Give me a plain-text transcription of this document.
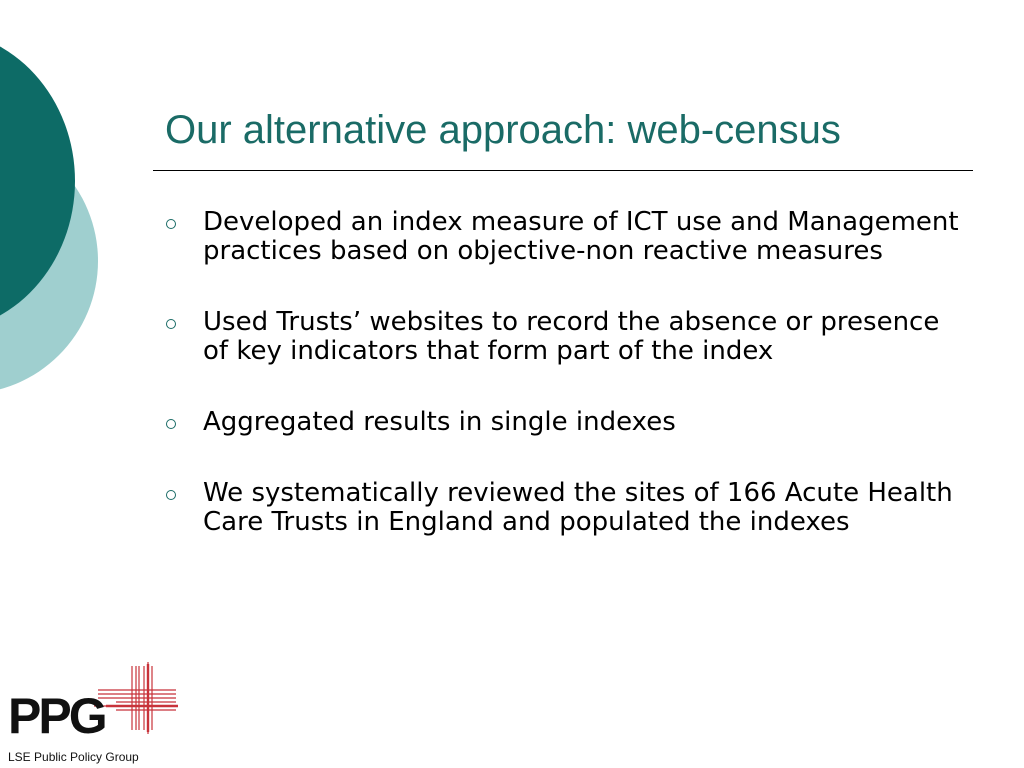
Our alternative approach: web-census
Developed an index measure of ICT use and Management practices based on objective-non reactive measures
Used Trusts’ websites to record the absence or presence of key indicators that form part of the index
Aggregated results in single indexes
We systematically reviewed the sites of 166 Acute Health Care Trusts in England and populated the indexes
PPG
LSE Public Policy Group
